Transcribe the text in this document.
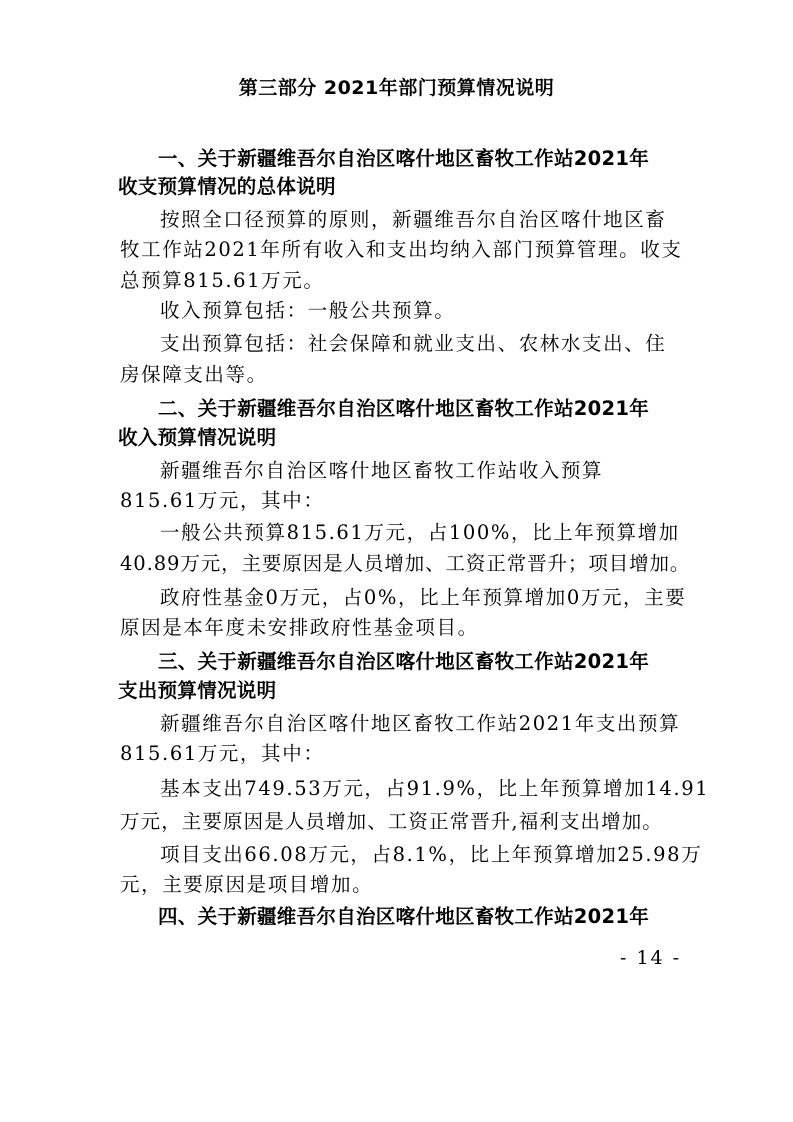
第三部分 2021年部门预算情况说明
一、关于新疆维吾尔自治区喀什地区畜牧工作站2021年
收支预算情况的总体说明
按照全口径预算的原则，新疆维吾尔自治区喀什地区畜
牧工作站2021年所有收入和支出均纳入部门预算管理。收支
总预算815.61万元。
收入预算包括：一般公共预算。
支出预算包括：社会保障和就业支出、农林水支出、住
房保障支出等。
二、关于新疆维吾尔自治区喀什地区畜牧工作站2021年
收入预算情况说明
新疆维吾尔自治区喀什地区畜牧工作站收入预算
815.61万元，其中：
一般公共预算815.61万元，占100%，比上年预算增加
40.89万元，主要原因是人员增加、工资正常晋升；项目增加。
政府性基金0万元，占0%，比上年预算增加0万元，主要
原因是本年度未安排政府性基金项目。
三、关于新疆维吾尔自治区喀什地区畜牧工作站2021年
支出预算情况说明
新疆维吾尔自治区喀什地区畜牧工作站2021年支出预算
815.61万元，其中：
基本支出749.53万元，占91.9%，比上年预算增加14.91
万元，主要原因是人员增加、工资正常晋升,福利支出增加。
项目支出66.08万元，占8.1%，比上年预算增加25.98万
元，主要原因是项目增加。
四、关于新疆维吾尔自治区喀什地区畜牧工作站2021年
- 14 -
